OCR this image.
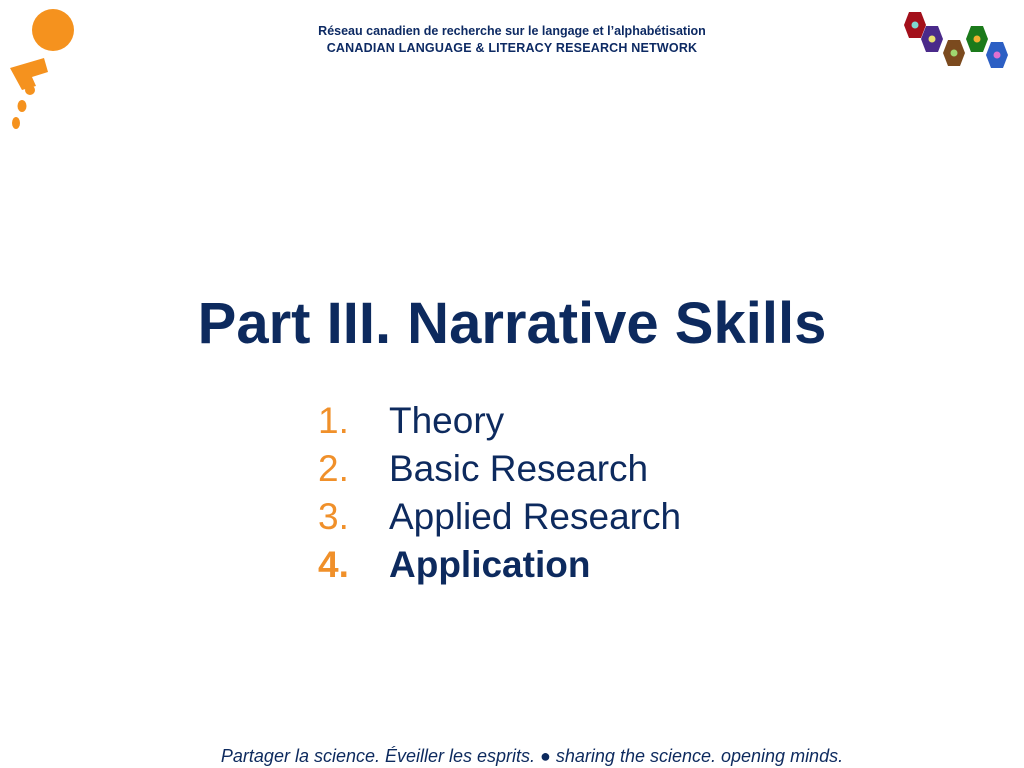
Réseau canadien de recherche sur le langage et l’alphabétisation
CANADIAN LANGUAGE & LITERACY RESEARCH NETWORK
Part III. Narrative Skills
1.	Theory
2.	Basic Research
3.	Applied Research
4.	Application
Partager la science. Éveiller les esprits. ● sharing the science. opening minds.
